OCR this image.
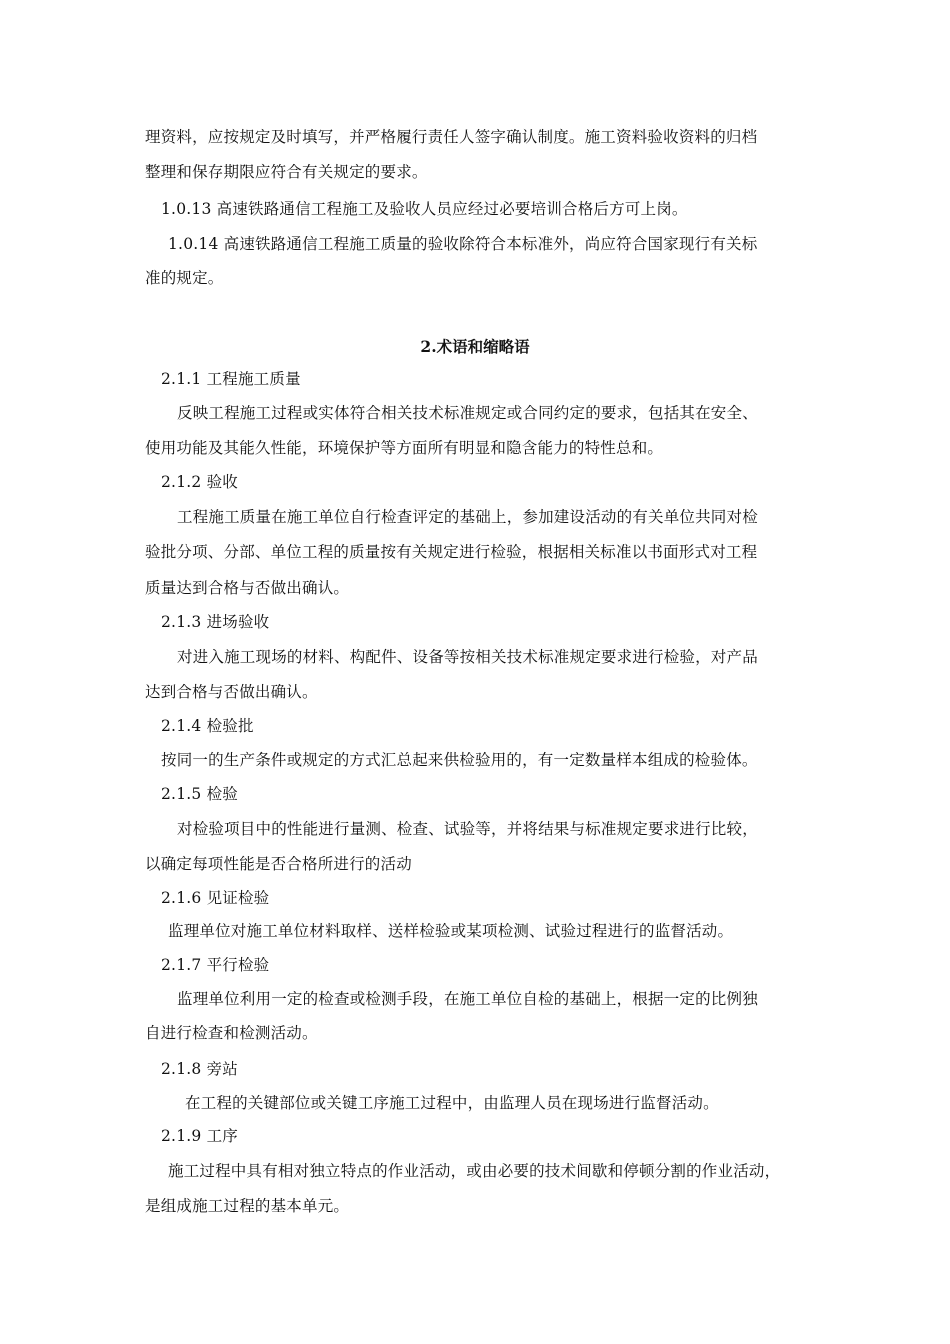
理资料，应按规定及时填写，并严格履行责任人签字确认制度。施工资料验收资料的归档
整理和保存期限应符合有关规定的要求。
1.0.13 高速铁路通信工程施工及验收人员应经过必要培训合格后方可上岗。
1.0.14 高速铁路通信工程施工质量的验收除符合本标准外，尚应符合国家现行有关标
准的规定。
2.术语和缩略语
2.1.1 工程施工质量
反映工程施工过程或实体符合相关技术标准规定或合同约定的要求，包括其在安全、
使用功能及其能久性能，环境保护等方面所有明显和隐含能力的特性总和。
2.1.2 验收
工程施工质量在施工单位自行检查评定的基础上，参加建设活动的有关单位共同对检
验批分项、分部、单位工程的质量按有关规定进行检验，根据相关标准以书面形式对工程
质量达到合格与否做出确认。
2.1.3 进场验收
对进入施工现场的材料、构配件、设备等按相关技术标准规定要求进行检验，对产品
达到合格与否做出确认。
2.1.4 检验批
按同一的生产条件或规定的方式汇总起来供检验用的，有一定数量样本组成的检验体。
2.1.5 检验
对检验项目中的性能进行量测、检查、试验等，并将结果与标准规定要求进行比较，
以确定每项性能是否合格所进行的活动
2.1.6 见证检验
监理单位对施工单位材料取样、送样检验或某项检测、试验过程进行的监督活动。
2.1.7 平行检验
监理单位利用一定的检查或检测手段，在施工单位自检的基础上，根据一定的比例独
自进行检查和检测活动。
2.1.8 旁站
在工程的关键部位或关键工序施工过程中，由监理人员在现场进行监督活动。
2.1.9 工序
施工过程中具有相对独立特点的作业活动，或由必要的技术间歇和停顿分割的作业活动，
是组成施工过程的基本单元。
